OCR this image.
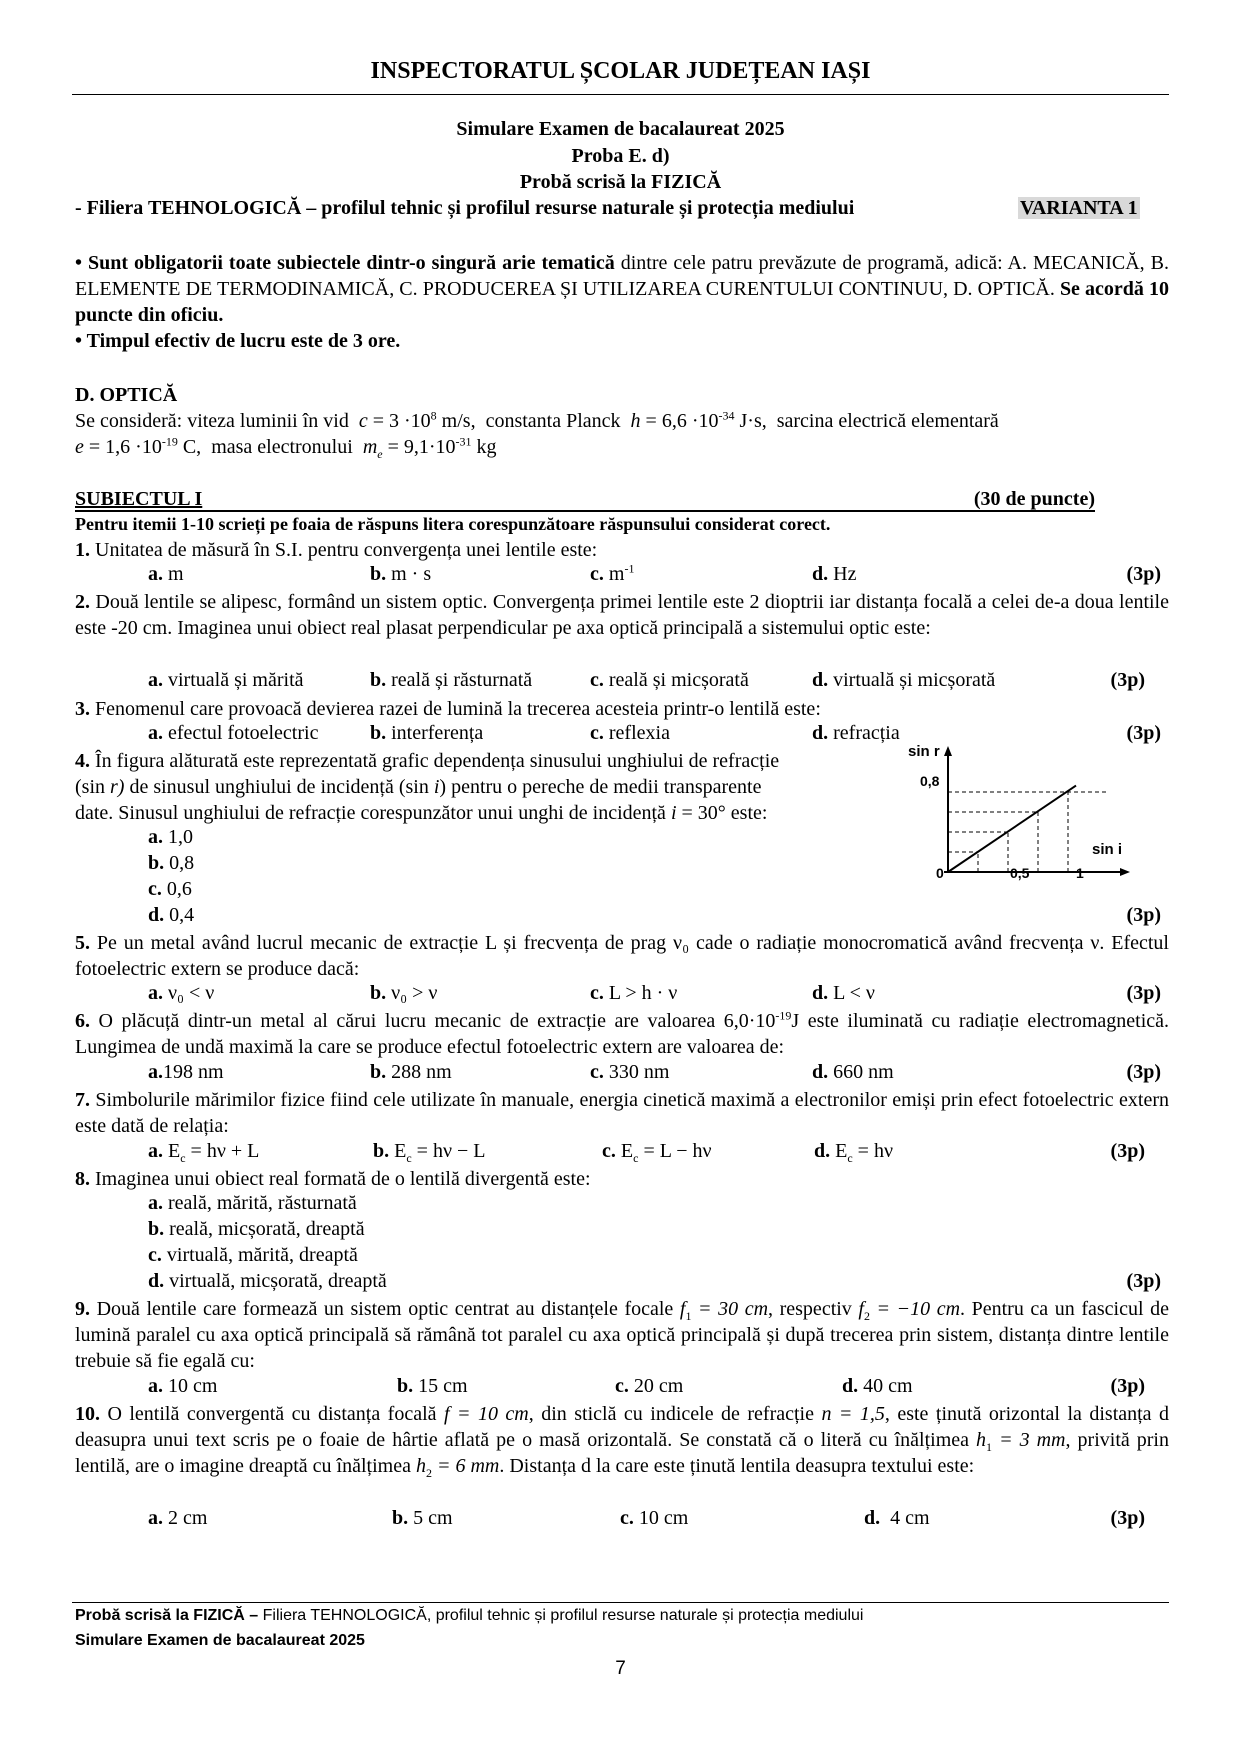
INSPECTORATUL ȘCOLAR JUDEȚEAN IAȘI
Simulare Examen de bacalaureat 2025
Proba E. d)
Probă scrisă la FIZICĂ
- Filiera TEHNOLOGICĂ – profilul tehnic și profilul resurse naturale și protecția mediului	VARIANTA 1
• Sunt obligatorii toate subiectele dintr-o singură arie tematică dintre cele patru prevăzute de programă, adică: A. MECANICĂ, B. ELEMENTE DE TERMODINAMICĂ, C. PRODUCEREA ȘI UTILIZAREA CURENTULUI CONTINUU, D. OPTICĂ. Se acordă 10 puncte din oficiu.
• Timpul efectiv de lucru este de 3 ore.
D. OPTICĂ
Se consideră: viteza luminii în vid $c = 3 \cdot 10^8$ m/s, constanta Planck $h = 6,6 \cdot 10^{-34}$ J·s, sarcina electrică elementară
$e = 1,6 \cdot 10^{-19}$ C, masa electronului $m_e = 9,1\cdot 10^{-31}$ kg
SUBIECTUL I	(30 de puncte)
Pentru itemii 1-10 scrieți pe foaia de răspuns litera corespunzătoare răspunsului considerat corect.
1. Unitatea de măsură în S.I. pentru convergența unei lentile este:
a. m	b. m · s	c. $m^{-1}$	d. Hz	(3p)
2. Două lentile se alipesc, formând un sistem optic. Convergența primei lentile este 2 dioptrii iar distanța focală a celei de-a doua lentile este -20 cm. Imaginea unui obiect real plasat perpendicular pe axa optică principală a sistemului optic este:
a. virtuală și mărită	b. reală și răsturnată	c. reală și micșorată	d. virtuală și micșorată	(3p)
3. Fenomenul care provoacă devierea razei de lumină la trecerea acesteia printr-o lentilă este:
a. efectul fotoelectric	b. interferența	c. reflexia	d. refracția	(3p)
4. În figura alăturată este reprezentată grafic dependența sinusului unghiului de refracție
(sin r) de sinusul unghiului de incidență (sin i) pentru o pereche de medii transparente
date. Sinusul unghiului de refracție corespunzător unui unghi de incidență i = 30° este:
a. 1,0
b. 0,8
c. 0,6
d. 0,4	(3p)
sin r
sin i
0
0,8
0,5	1
5. Pe un metal având lucrul mecanic de extracție L și frecvența de prag ν₀ cade o radiație monocromatică având frecvența ν. Efectul fotoelectric extern se produce dacă:
a. ν₀ < ν	b. ν₀ > ν	c. L > h · ν	d. L < ν	(3p)
6. O plăcuță dintr-un metal al cărui lucru mecanic de extracție are valoarea $6,0\cdot 10^{-19}J$ este iluminată cu radiație electromagnetică. Lungimea de undă maximă la care se produce efectul fotoelectric extern are valoarea de:
a.198 nm	b. 288 nm	c. 330 nm	d. 660 nm	(3p)
7. Simbolurile mărimilor fizice fiind cele utilizate în manuale, energia cinetică maximă a electronilor emiși prin efect fotoelectric extern este dată de relația:
a. $E_c = h\nu + L$	b. $E_c = h\nu - L$	c. $E_c = L - h\nu$	d. $E_c = h\nu$	(3p)
8. Imaginea unui obiect real formată de o lentilă divergentă este:
a. reală, mărită, răsturnată
b. reală, micșorată, dreaptă
c. virtuală, mărită, dreaptă
d. virtuală, micșorată, dreaptă	(3p)
9. Două lentile care formează un sistem optic centrat au distanțele focale $f_1 = 30$ cm, respectiv $f_2 = -10$ cm. Pentru ca un fascicul de lumină paralel cu axa optică principală să rămână tot paralel cu axa optică principală și după trecerea prin sistem, distanța dintre lentile trebuie să fie egală cu:
a. 10 cm	b. 15 cm	c. 20 cm	d. 40 cm	(3p)
10. O lentilă convergentă cu distanța focală f = 10 cm, din sticlă cu indicele de refracție n = 1,5, este ținută orizontal la distanța d deasupra unui text scris pe o foaie de hârtie aflată pe o masă orizontală. Se constată că o literă cu înălțimea $h_1 = 3$ mm, privită prin lentilă, are o imagine dreaptă cu înălțimea $h_2 = 6$ mm. Distanța d la care este ținută lentila deasupra textului este:
a. 2 cm	b. 5 cm	c. 10 cm	d.  4 cm	(3p)
Probă scrisă la FIZICĂ – Filiera TEHNOLOGICĂ, profilul tehnic și profilul resurse naturale și protecția mediului
Simulare Examen de bacalaureat 2025
7
